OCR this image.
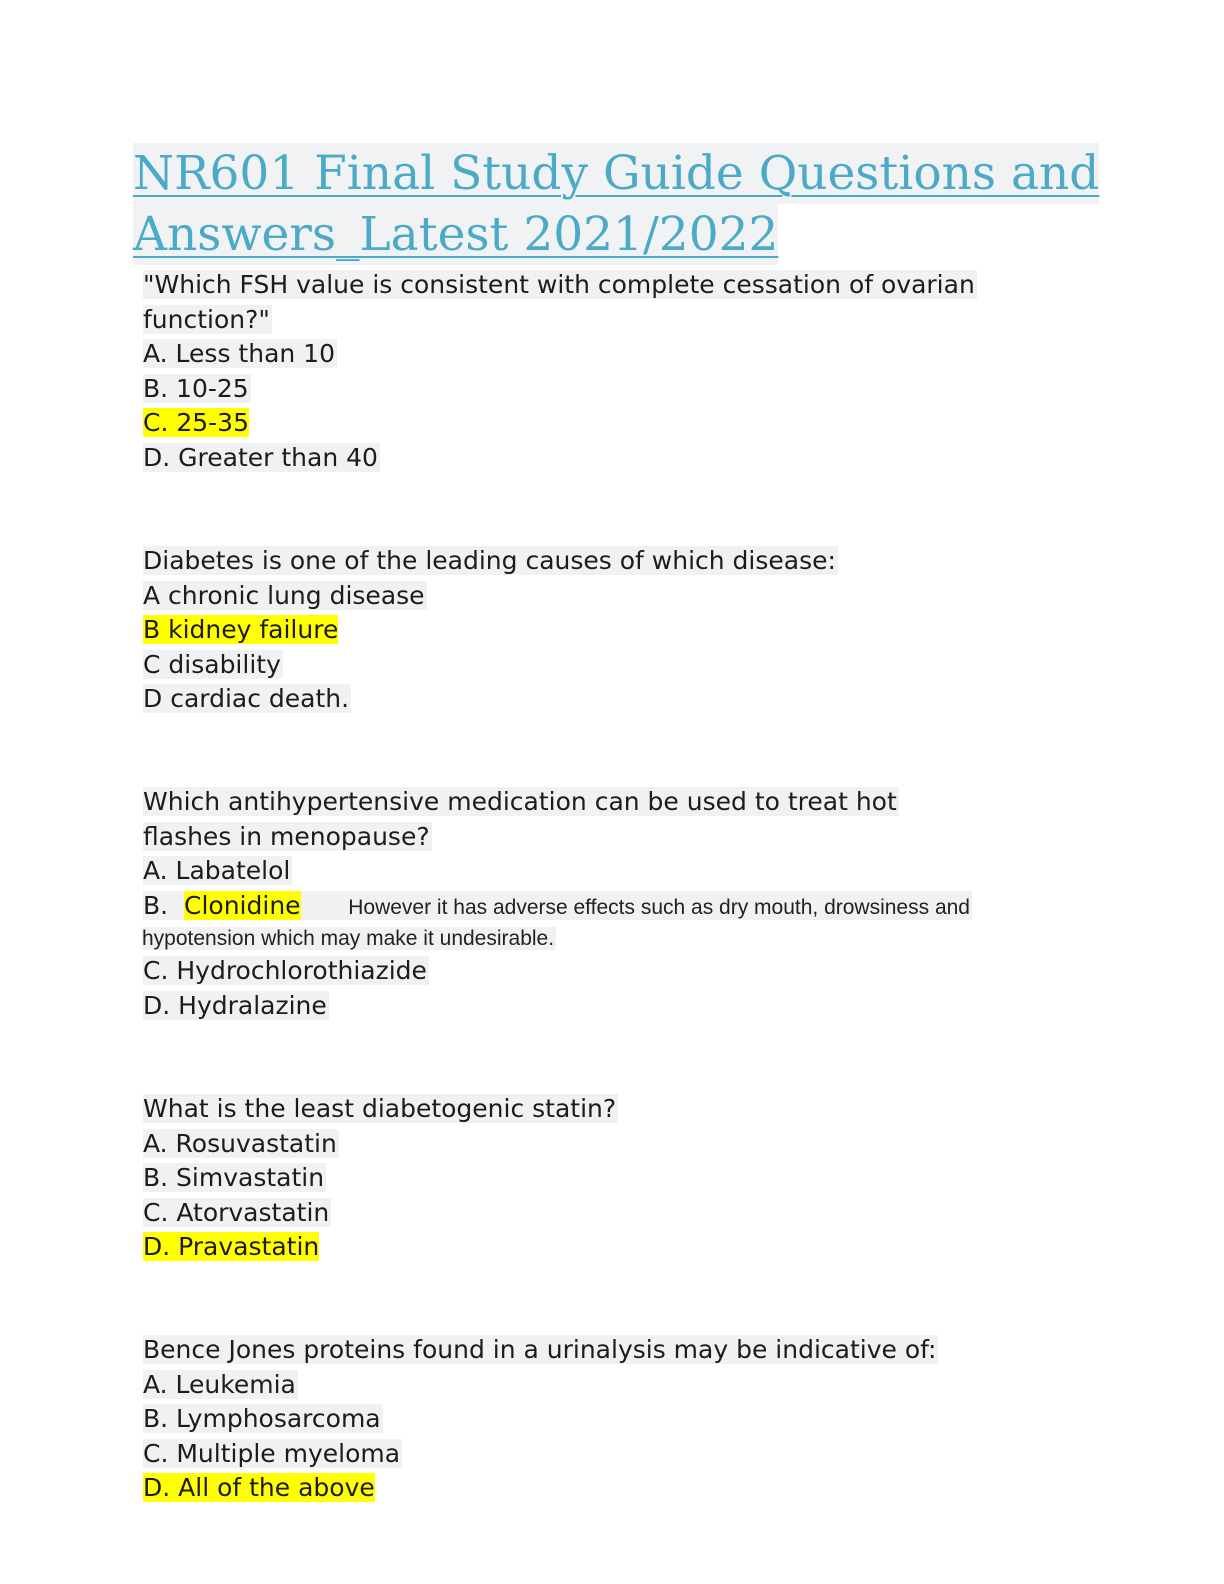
NR601 Final Study Guide Questions and
Answers_Latest 2021/2022
"Which FSH value is consistent with complete cessation of ovarian
function?"
A. Less than 10
B. 10-25
C. 25-35
D. Greater than 40
Diabetes is one of the leading causes of which disease:
A chronic lung disease
B kidney failure
C disability
D cardiac death.
Which antihypertensive medication can be used to treat hot
flashes in menopause?
A. Labatelol
B. Clonidine However it has adverse effects such as dry mouth, drowsiness and
hypotension which may make it undesirable.
C. Hydrochlorothiazide
D. Hydralazine
What is the least diabetogenic statin?
A. Rosuvastatin
B. Simvastatin
C. Atorvastatin
D. Pravastatin
Bence Jones proteins found in a urinalysis may be indicative of:
A. Leukemia
B. Lymphosarcoma
C. Multiple myeloma
D. All of the above
